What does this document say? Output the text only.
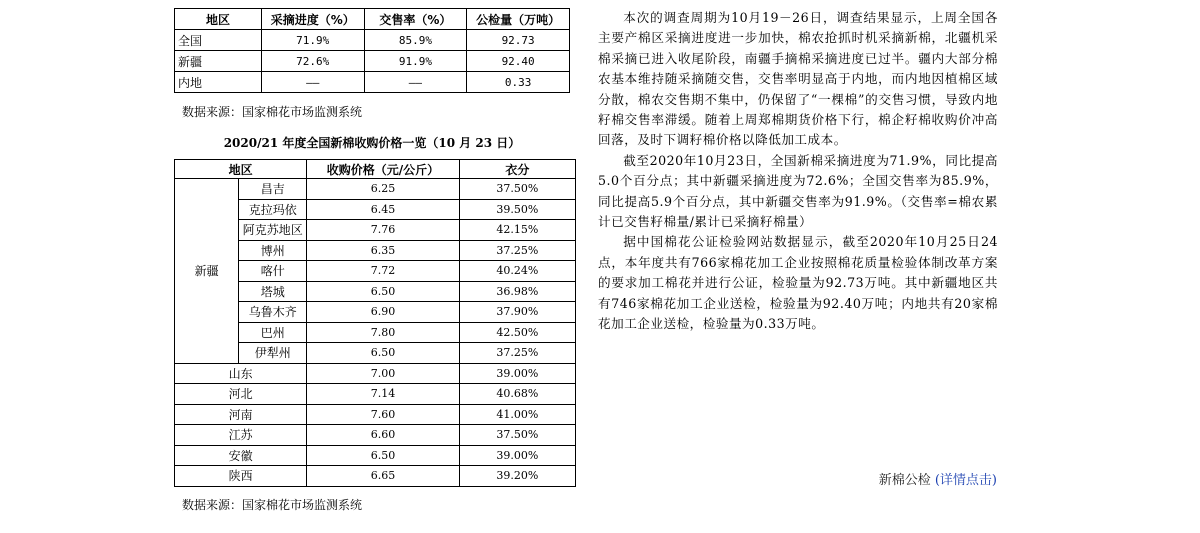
地区	采摘进度（%）	交售率（%）	公检量（万吨）
全国	71.9%	85.9%	92.73
新疆	72.6%	91.9%	92.40
内地	——	——	0.33
数据来源：国家棉花市场监测系统
2020/21 年度全国新棉收购价格一览（10 月 23 日）
地区		收购价格（元/公斤）	衣分
新疆	昌吉	6.25	37.50%
	克拉玛依	6.45	39.50%
	阿克苏地区	7.76	42.15%
	博州	6.35	37.25%
	喀什	7.72	40.24%
	塔城	6.50	36.98%
	乌鲁木齐	6.90	37.90%
	巴州	7.80	42.50%
	伊犁州	6.50	37.25%
山东		7.00	39.00%
河北		7.14	40.68%
河南		7.60	41.00%
江苏		6.60	37.50%
安徽		6.50	39.00%
陕西		6.65	39.20%
数据来源：国家棉花市场监测系统

本次的调查周期为10月19－26日，调查结果显示，上周全国各主要产棉区采摘进度进一步加快，棉农抢抓时机采摘新棉，北疆机采棉采摘已进入收尾阶段，南疆手摘棉采摘进度已过半。疆内大部分棉农基本维持随采摘随交售，交售率明显高于内地，而内地因植棉区域分散，棉农交售期不集中，仍保留了“一棵棉”的交售习惯，导致内地籽棉交售率滞缓。随着上周郑棉期货价格下行，棉企籽棉收购价冲高回落，及时下调籽棉价格以降低加工成本。

截至2020年10月23日，全国新棉采摘进度为71.9%，同比提高5.0个百分点；其中新疆采摘进度为72.6%；全国交售率为85.9%，同比提高5.9个百分点，其中新疆交售率为91.9%。（交售率=棉农累计已交售籽棉量/累计已采摘籽棉量）

据中国棉花公证检验网站数据显示，截至2020年10月25日24点，本年度共有766家棉花加工企业按照棉花质量检验体制改革方案的要求加工棉花并进行公证，检验量为92.73万吨。其中新疆地区共有746家棉花加工企业送检，检验量为92.40万吨；内地共有20家棉花加工企业送检，检验量为0.33万吨。

新棉公检 (详情点击)
